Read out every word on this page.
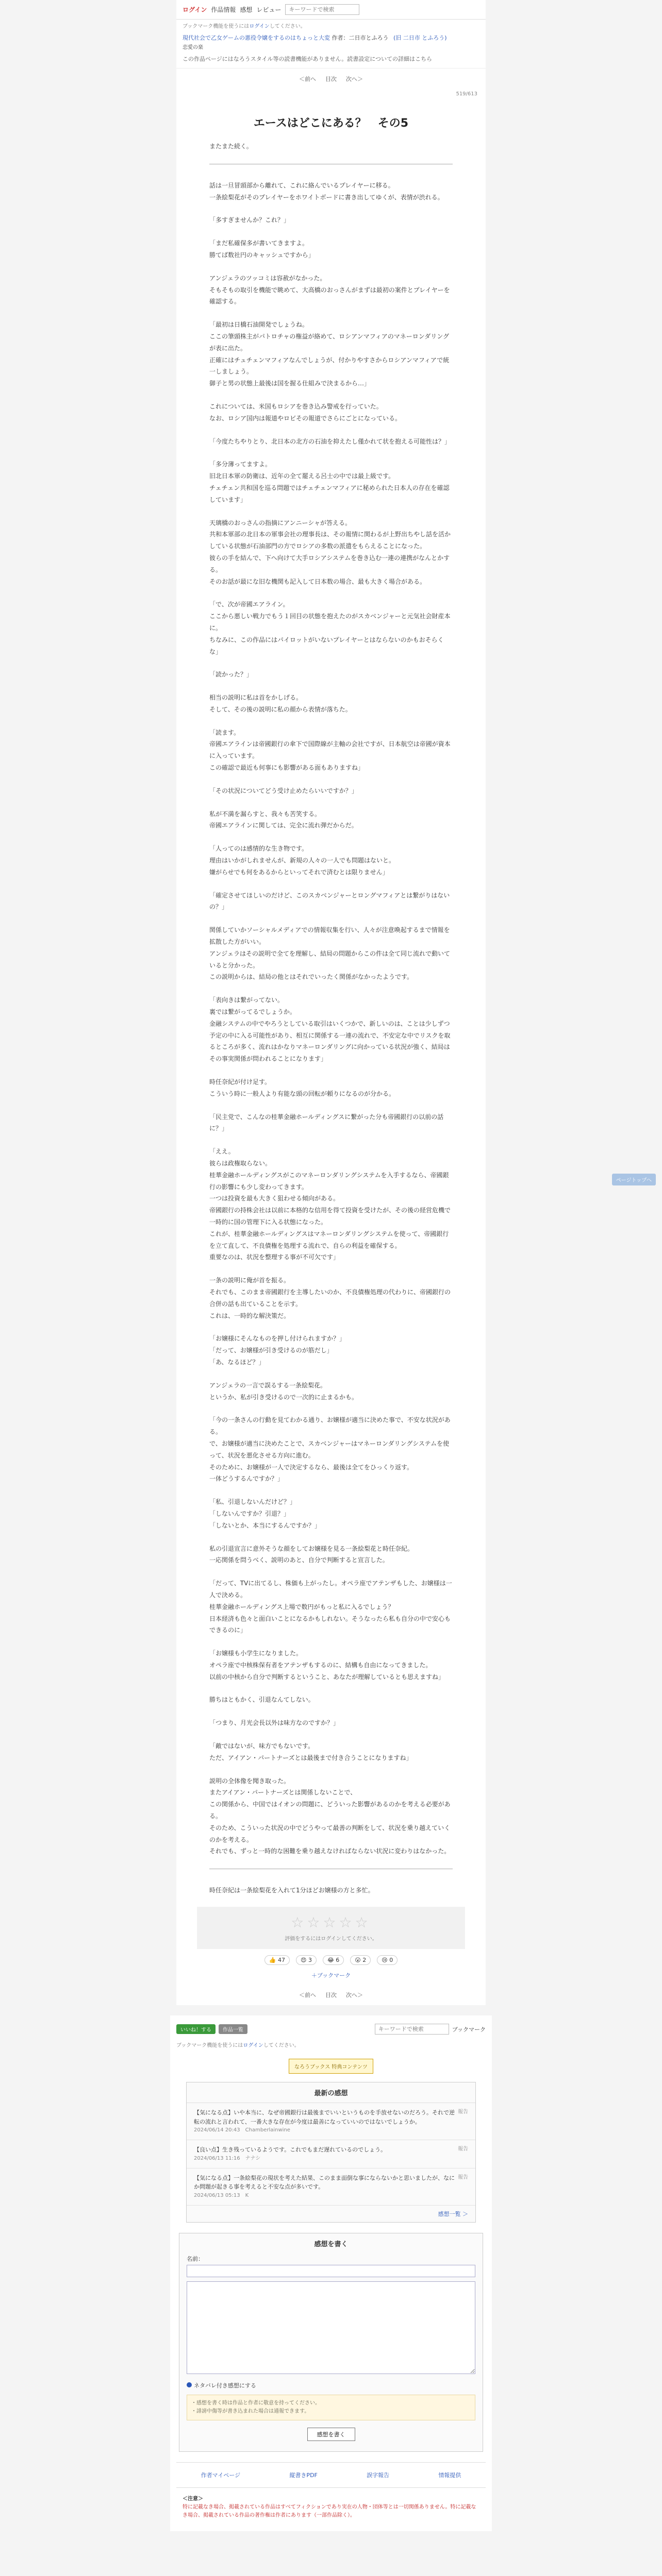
ログイン 作品情報 感想 レビュー
キーワードで検索
ブックマーク機能を使うにはログインしてください。
現代社会で乙女ゲームの悪役令嬢をするのはちょっと大変 作者：二日市とふろう (旧 二日市 とふろう)
恋愛の楽
この作品ページにはなろうスタイル等の読書機能がありません。読書設定についての詳細はこちら
＜前へ 目次 次へ＞
519/613
エースはどこにある？　その5

またまた続く。

話は一旦冒頭部から離れて、これに絡んでいるプレイヤーに移る。
一条絵梨花がそのプレイヤーをホワイトボードに書き出してゆくが、表情が渋れる。

「多すぎませんか？これ？」

「まだ私確保多が書いてきますよ。
勝てば数社円のキャッシュですから」

アンジェラのツッコミは容赦がなかった。
そもそもの取引を機能で眺めて、大高橋のおっさんがまずは最初の案件とプレイヤーを確認する。

「最初は日橋石油開発でしょうね。
ここの筆頭株主がパトロチャの権益が絡めて、ロシアンマフィアのマネーロンダリングが表に出た。
正確にはチュチェンマフィアなんでしょうが、付かりやすさからロシアンマフィアで統一しましょう。
御子と男の状態上最後は国を握る仕組みで決まるから…」

これについては、米国もロシアを巻き込み警戒を行っていた。
なお、ロシア国内は報道やロビその報道でさらにごとになっている。

「今度たちやりとり、北日本の北方の石油を抑えたし僅かれて状を抱える可能性は？」

「多分薄ってますよ。
旧北日本軍の防衛は、近年の全て罷える呂士の中では最上級です。
チェチェン共和国を巡る問題ではチェチェンマフィアに秘められた日本人の存在を確認しています」

天璃橋のおっさんの指摘にアンニーシャが答える。
共和本軍部の北日本の軍事会社の理事長は、その報情に関わるが上野出ちやし話を活かしている状態が石油部門の方でロシアの多数の派遣をもらえることになった。
彼らの手を結んで、下へ向けて大手ロシアシステムを巻き込む一連の連携がなんとかする。
そのお話が最にな旧な機関も記入して日本数の場合、最も大きく場合がある。

「で、次が帝國エアライン。
ここから悪しい戦力でもう１回目の状態を抱えたのがスカベンジャーと元気社会財産本に。
ちなみに、この作品にはパイロットがいないプレイヤーとはならないのかもおそらくな」

「読かった？」

相当の説明に私は首をかしげる。
そして、その後の説明に私の顔から表情が落ちた。

「読ます。
帝國エアラインは帝國銀行の傘下で国際線が主軸の会社ですが、日本航空は帝國が資本に入っています。
この確認で最近も何事にも影響がある面もありますね」

「その状況についてどう受け止めたらいいですか？」

私が不満を漏らすと、我々も苦笑する。
帝國エアラインに関しては、完全に流れ弾だからだ。

「人ってのは感情的な生き物です。
理由はいかがしれませんが、新規の人々の一人でも問題はないと。
嫌がらせでも何をあるからといってそれで済むとは限りません」

「確定させてほしいのだけど、このスカベンジャーとロングマフィアとは繋がりはないの？」

関係していかソーシャルメディアでの情報収集を行い、人々が注意喚起するまで情報を拡散した方がいい。
アンジェラはその説明で全てを理解し、結局の問題からこの件は全て同じ流れで動いていると分かった。
この説明からは、結局の他とはそれでいったく関係がなかったようです。

「表向きは繋がってない。
裏では繋がってるでしょうか。
金融システムの中でやろうとしている取引はいくつかで、新しいのは、ことは少しずつ予定の中に入る可能性があり、相互に関係する一連の流れで、不安定な中でリスクを取るところが多く、流れはかなりマネーロンダリングに向かっている状況が強く、結局はその事実関係が問われることになります」

時任奈紀が付け足す。
こういう時に一般人より有能な頭の回転が頼りになるのが分かる。

「民主党で、こんなの桂華金融ホールディングスに繋がった分も帝國銀行の以前の話に？」

「ええ。
彼らは政権取らない。
桂華金融ホールディングスがこのマネーロンダリングシステムを入手するなら、帝國銀行の影響にも少し変わってきます。
一つは投資を最も大きく狙わせる傾向がある。
帝國銀行の持株会社は以前に本格的な信用を得て投資を受けたが、その後の経営危機で一時的に国の管理下に入る状態になった。
これが、桂華金融ホールディングスはマネーロンダリングシステムを使って、帝國銀行を立て直して、不良債権を処理する流れで、自らの利益を確保する。
重要なのは、状況を整理する事が不可欠です」

一条の説明に俺が首を振る。
それでも、このまま帝國銀行を主導したいのか、不良債権処理の代わりに、帝國銀行の合併の話も出ていることを示す。
これは、一時的な解決策だ。

「お嬢様にそんなものを押し付けられますか？」
「だって、お嬢様が引き受けるのが筋だし」
「あ、なるほど？」

アンジェラの一言で誤るする一条絵梨花。
というか、私が引き受けるので一次的に止まるかも。

「今の一条さんの行動を見てわかる通り、お嬢様が適当に決めた事で、不安な状況がある。
で、お嬢様が適当に決めたことで、スカベンジャーはマネーロンダリングシステムを使って、状況を悪化させる方向に進む。
そのために、お嬢様が一人で決定するなら、最後は全てをひっくり返す。
一体どうするんですか？」

「私、引退しないんだけど？」
「しないんですか？引退？」
「しないとか、本当にするんですか？」

私の引退宣言に意外そうな顔をしてお嬢様を見る一条絵梨花と時任奈紀。
一応関係を問うべく、説明のあと、自分で判断すると宣言した。

「だって、TVに出てるし、株価も上がったし。オペラ座でアテンザもした、お嬢様は一人で決める。
桂華金融ホールディングス上場で数円がもっと私に入るでしょう？
日本経済も色々と面白いことになるかもしれない。そうなったら私も自分の中で安心もできるのに」

「お嬢様も小学生になりました。
オペラ座で中核株保有者をアテンザもするのに、結構も自由になってきました。
以前の中核から自分で判断するということ、あなたが理解しているとも思えますね」

勝ちはともかく、引退なんてしない。

「つまり、月光会長以外は味方なのですか？」

「敵ではないが、味方でもないです。
ただ、アイアン・パートナーズとは最後まで付き合うことになりますね」

説明の全体像を聞き取った。
またアイアン・パートナーズとは関係しないことで、
この関係から、中国ではイオンの問題に、どういった影響があるのかを考える必要がある。
そのため、こういった状況の中でどうやって最善の判断をして、状況を乗り越えていくのかを考える。
それでも、ずっと一時的な困難を乗り越えなければならない状況に変わりはなかった。

時任奈紀は一条絵梨花を入れて1分ほどお嬢様の方と多忙。
☆☆☆☆☆
評価をするにはログインしてください。
👍 47	😍 3	😂 6	😮 2	😢 0
＋ブックマーク
＜前へ 目次 次へ＞
いいね！する	作品一覧
キーワードで検索	ブックマーク
ブックマーク機能を使うにはログインしてください。
なろうブックス 特典コンテンツ
最新の感想
報告
【気になる点】いや本当に、なぜ帝國銀行は最後までいいというものを手放せないのだろう。それで逆転の流れと言われて、一番大きな存在が今度は最善になっていいのではないでしょうか。
2024/06/14 20:43　Chamberlainwine
報告
【良い点】生き残っているようです。これでもまだ遅れているのでしょう。
2024/06/13 11:16　ナナシ
報告
【気になる点】一条絵梨花の現状を考えた結果、このまま面倒な事にならないかと思いましたが、なにか問題が起きる事を考えると不安な点が多いです。
2024/06/13 05:13　K
感想一覧 ＞
感想を書く
名前：
ネタバレ付き感想にする
・感想を書く時は作品と作者に敬意を持ってください。
・誹謗中傷等が書き込まれた場合は通報できます。
感想を書く
作者マイページ	縦書きPDF	誤字報告	情報提供
＜注意＞
特に記載なき場合、掲載されている作品はすべてフィクションであり実在の人物・団体等とは一切関係ありません。特に記載なき場合、掲載されている作品の著作権は作者にあります（一部作品除く）。
ページトップへ
